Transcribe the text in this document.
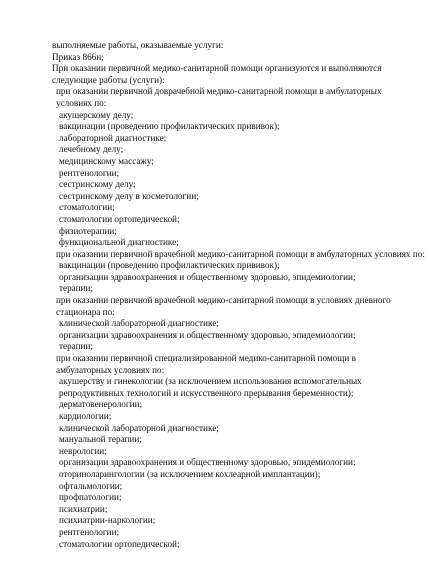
выполняемые работы, оказываемые услуги:
Приказ 866н;
При оказании первичной медико-санитарной помощи организуются и выполняются следующие работы (услуги):
при оказании первичной доврачебной медико-санитарной помощи в амбулаторных условиях по:
акушерскому делу;
вакцинации (проведению профилактических прививок);
лабораторной диагностике;
лечебному делу;
медицинскому массажу;
рентгенологии;
сестринскому делу;
сестринскому делу в косметологии;
стоматологии;
стоматологии ортопедической;
физиотерапии;
функциональной диагностике;
при оказании первичной врачебной медико-санитарной помощи в амбулаторных условиях по:
вакцинации (проведению профилактических прививок);
организации здравоохранения и общественному здоровью, эпидемиологии;
терапии;
при оказании первичной врачебной медико-санитарной помощи в условиях дневного стационара по:
клинической лабораторной диагностике;
организации здравоохранения и общественному здоровью, эпидемиологии;
терапии;
при оказании первичной специализированной медико-санитарной помощи в амбулаторных условиях по:
акушерству и гинекологии (за исключением использования вспомогательных репродуктивных технологий и искусственного прерывания беременности);
дерматовенерологии;
кардиологии;
клинической лабораторной диагностике;
мануальной терапии;
неврологии;
организации здравоохранения и общественному здоровью, эпидемиологии;
оториноларингологии (за исключением кохлеарной имплантации);
офтальмологии;
профпатологии;
психиатрии;
психиатрии-наркологии;
рентгенологии;
стоматологии ортопедической;
